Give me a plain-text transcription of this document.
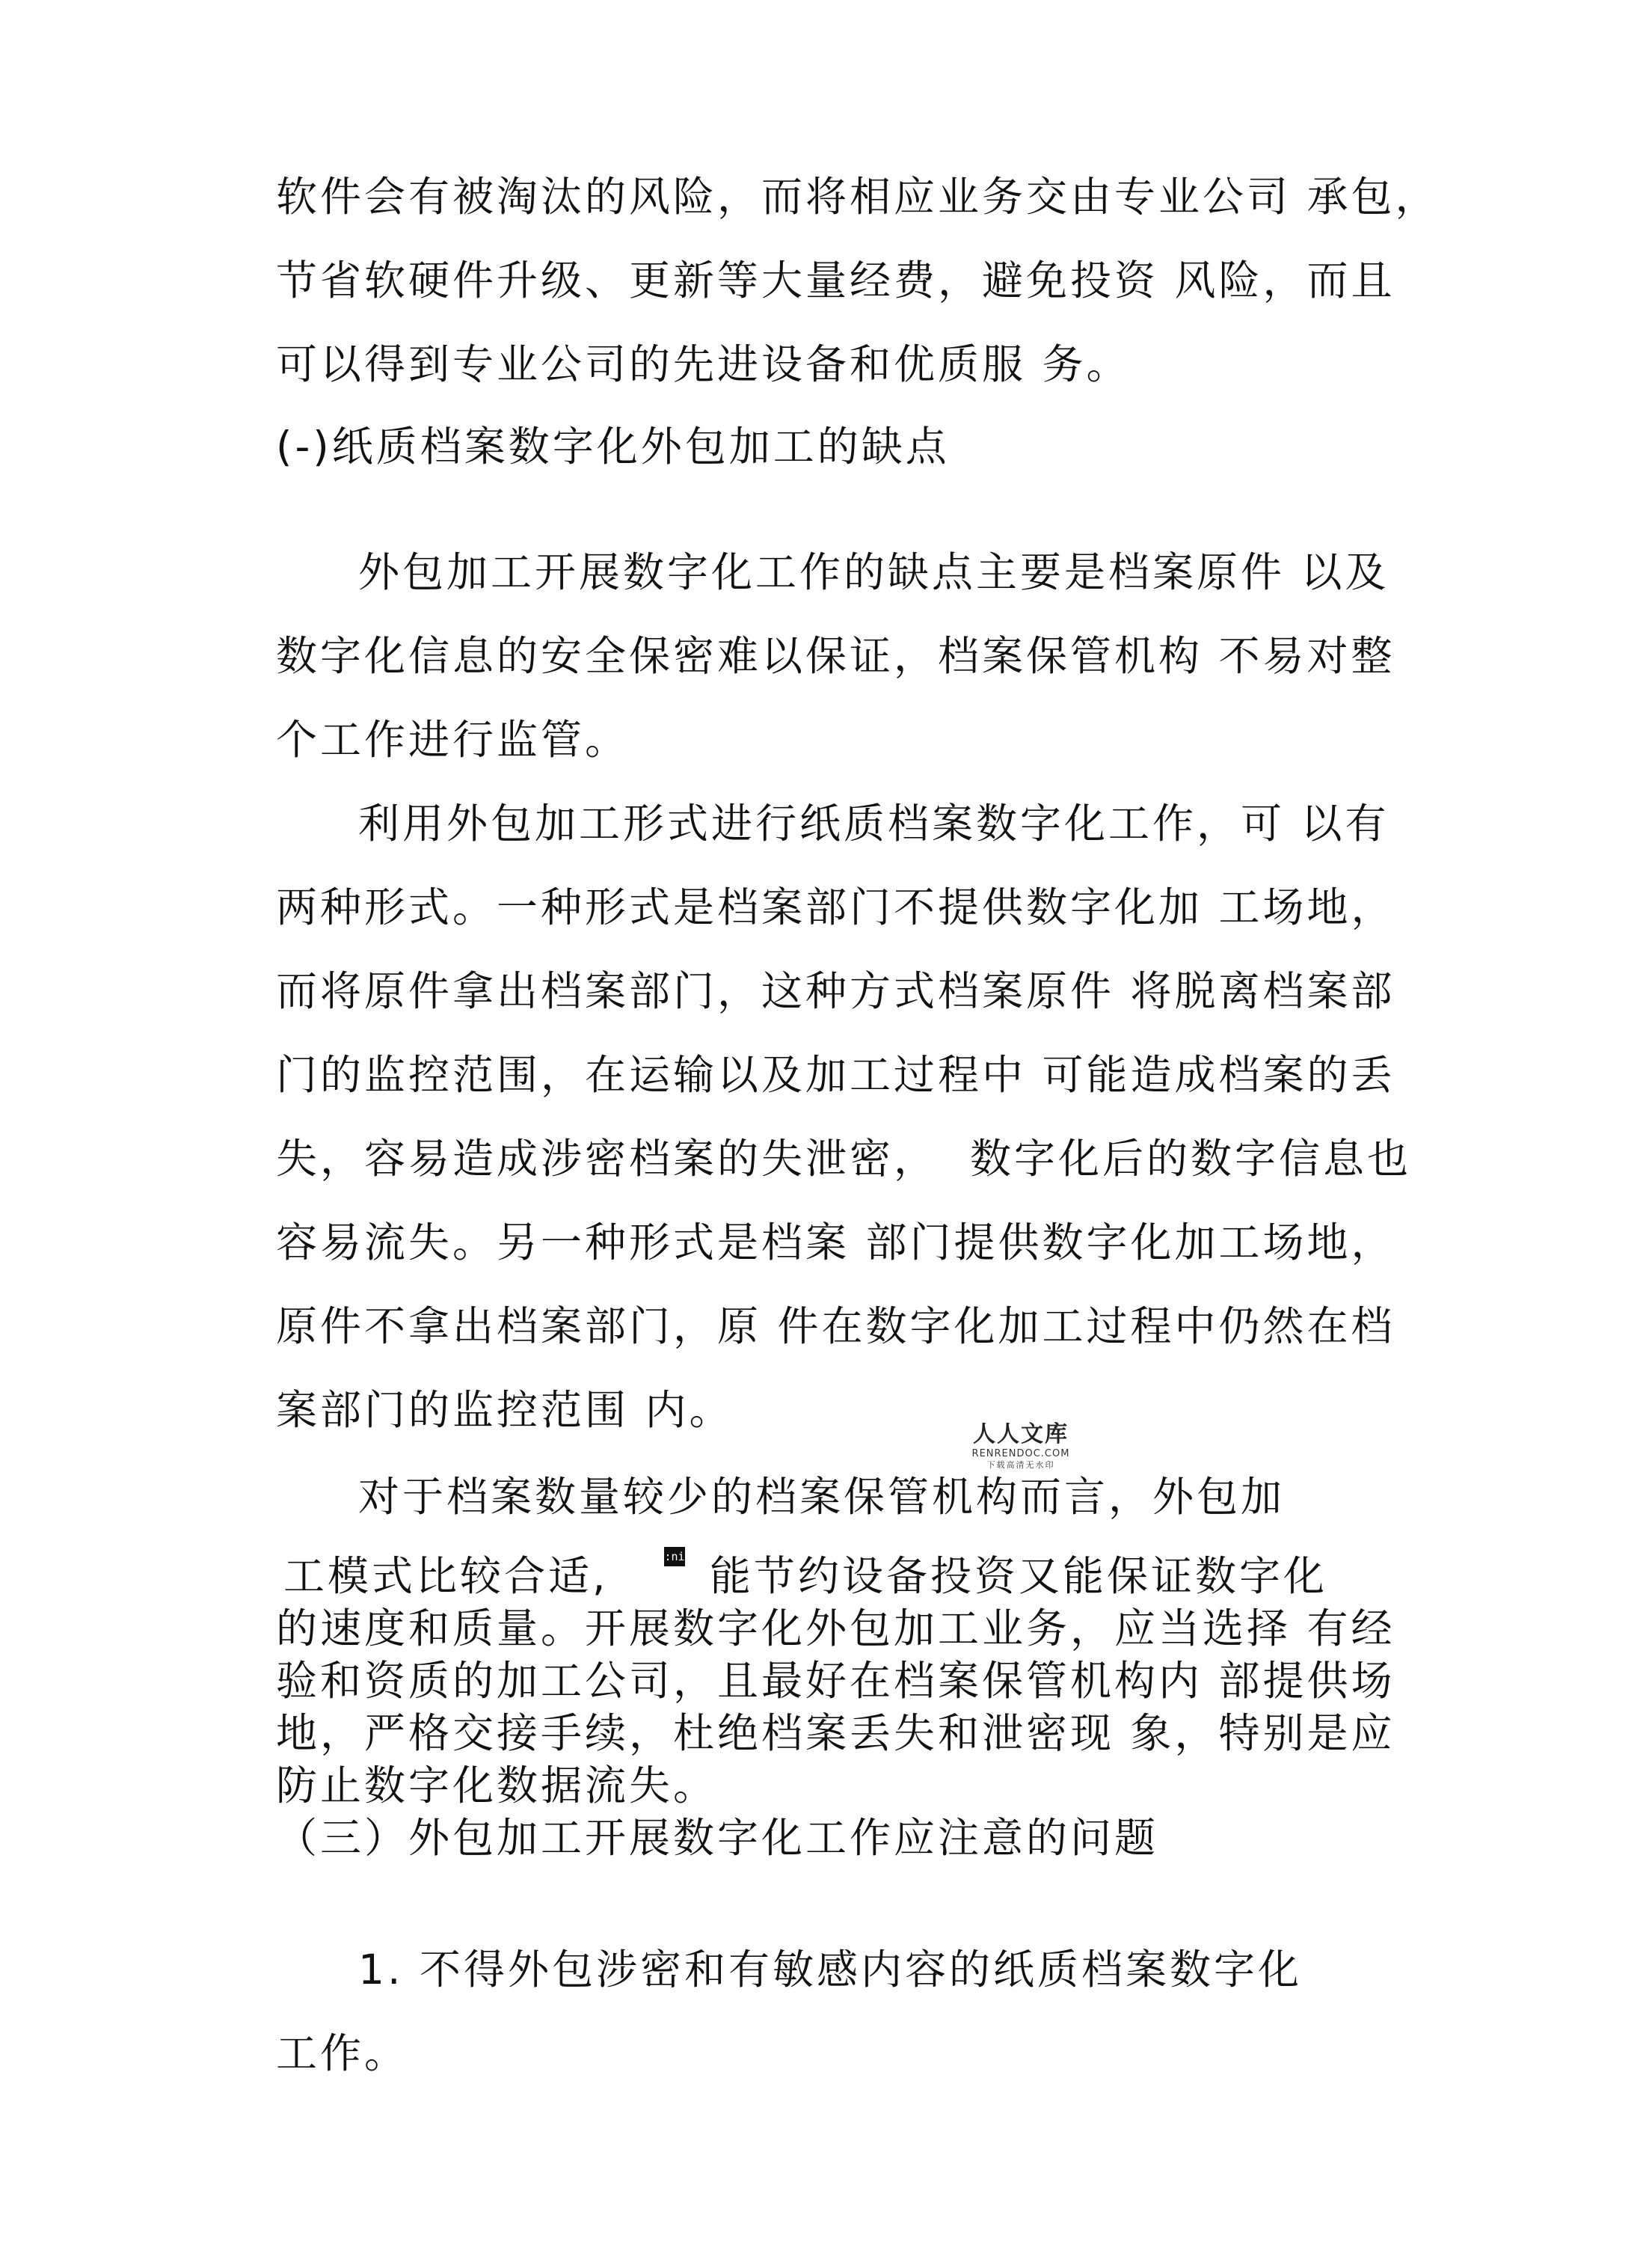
软件会有被淘汰的风险，而将相应业务交由专业公司 承包，
节省软硬件升级、更新等大量经费，避免投资 风险，而且
可以得到专业公司的先进设备和优质服 务。
(-)纸质档案数字化外包加工的缺点
外包加工开展数字化工作的缺点主要是档案原件 以及
数字化信息的安全保密难以保证，档案保管机构 不易对整
个工作进行监管。
利用外包加工形式进行纸质档案数字化工作，可 以有
两种形式。一种形式是档案部门不提供数字化加 工场地，
而将原件拿出档案部门，这种方式档案原件 将脱离档案部
门的监控范围，在运输以及加工过程中 可能造成档案的丢
失，容易造成涉密档案的失泄密，  数字化后的数字信息也
容易流失。另一种形式是档案 部门提供数字化加工场地，
原件不拿出档案部门，原 件在数字化加工过程中仍然在档
案部门的监控范围 内。
人人文库
RENRENDOC.COM
下载高清无水印
对于档案数量较少的档案保管机构而言，外包加
工模式比较合适,	:ni 能节约设备投资又能保证数字化
的速度和质量。开展数字化外包加工业务，应当选择 有经
验和资质的加工公司，且最好在档案保管机构内 部提供场
地，严格交接手续，杜绝档案丢失和泄密现 象，特别是应
防止数字化数据流失。
（三）外包加工开展数字化工作应注意的问题
1. 不得外包涉密和有敏感内容的纸质档案数字化
工作。
